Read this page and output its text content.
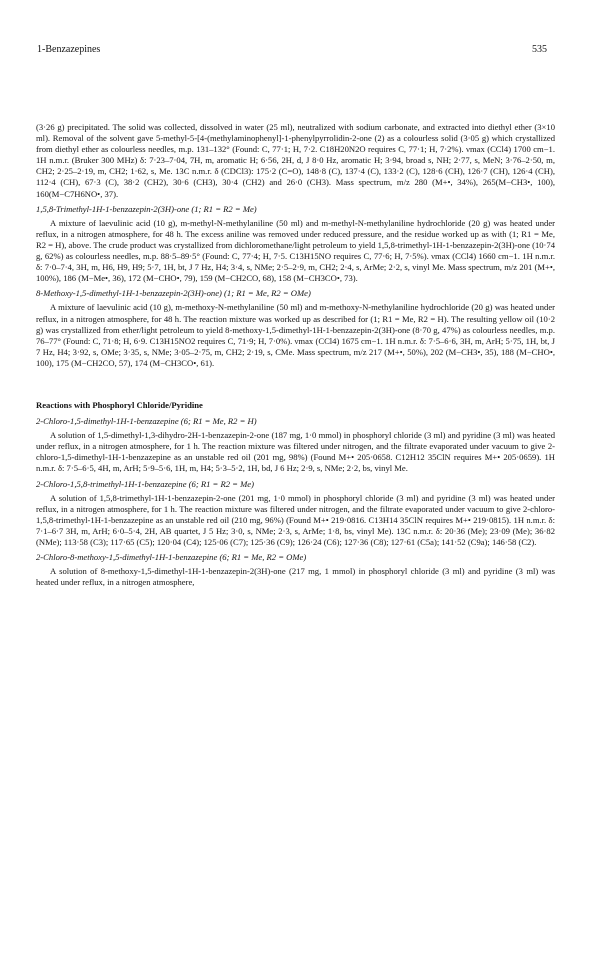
1-Benzazepines	535

(3·26 g) precipitated. The solid was collected, dissolved in water (25 ml), neutralized with sodium carbonate, and extracted into diethyl ether (3×10 ml). Removal of the solvent gave 5-methyl-5-[4-(methylaminophenyl]-1-phenylpyrrolidin-2-one (2) as a colourless solid (3·05 g) which crystallized from diethyl ether as colourless needles, m.p. 131–132° (Found: C, 77·1; H, 7·2. C18H20N2O requires C, 77·1; H, 7·2%). νmax (CCl4) 1700 cm−1. 1H n.m.r. (Bruker 300 MHz) δ: 7·23–7·04, 7H, m, aromatic H; 6·56, 2H, d, J 8·0 Hz, aromatic H; 3·94, broad s, NH; 2·77, s, MeN; 3·76–2·50, m, CH2; 2·25–2·19, m, CH2; 1·62, s, Me. 13C n.m.r. δ (CDCl3): 175·2 (C=O), 148·8 (C), 137·4 (C), 133·2 (C), 128·6 (CH), 126·7 (CH), 126·4 (CH), 112·4 (CH), 67·3 (C), 38·2 (CH2), 30·6 (CH3), 30·4 (CH2) and 26·0 (CH3). Mass spectrum, m/z 280 (M+•, 34%), 265(M−CH3•, 100), 160(M−C7H6NO•, 37).

1,5,8-Trimethyl-1H-1-benzazepin-2(3H)-one (1; R1 = R2 = Me)

A mixture of laevulinic acid (10 g), m-methyl-N-methylaniline (50 ml) and m-methyl-N-methylaniline hydrochloride (20 g) was heated under reflux, in a nitrogen atmosphere, for 48 h. The excess aniline was removed under reduced pressure, and the residue worked up as with (1; R1 = Me, R2 = H), above. The crude product was crystallized from dichloromethane/light petroleum to yield 1,5,8-trimethyl-1H-1-benzazepin-2(3H)-one (10·74 g, 62%) as colourless needles, m.p. 88·5–89·5° (Found: C, 77·4; H, 7·5. C13H15NO requires C, 77·6; H, 7·5%). νmax (CCl4) 1660 cm−1. 1H n.m.r. δ: 7·0–7·4, 3H, m, H6, H9, H9; 5·7, 1H, bt, J 7 Hz, H4; 3·4, s, NMe; 2·5–2·9, m, CH2; 2·4, s, ArMe; 2·2, s, vinyl Me. Mass spectrum, m/z 201 (M+•, 100%), 186 (M−Me•, 36), 172 (M−CHO•, 79), 159 (M−CH2CO, 68), 158 (M−CH3CO•, 73).

8-Methoxy-1,5-dimethyl-1H-1-benzazepin-2(3H)-one) (1; R1 = Me, R2 = OMe)

A mixture of laevulinic acid (10 g), m-methoxy-N-methylaniline (50 ml) and m-methoxy-N-methylaniline hydrochloride (20 g) was heated under reflux, in a nitrogen atmosphere, for 48 h. The reaction mixture was worked up as described for (1; R1 = Me, R2 = H). The resulting yellow oil (10·2 g) was crystallized from ether/light petroleum to yield 8-methoxy-1,5-dimethyl-1H-1-benzazepin-2(3H)-one (8·70 g, 47%) as colourless needles, m.p. 76–77° (Found: C, 71·8; H, 6·9. C13H15NO2 requires C, 71·9; H, 7·0%). νmax (CCl4) 1675 cm−1. 1H n.m.r. δ: 7·5–6·6, 3H, m, ArH; 5·75, 1H, bt, J 7 Hz, H4; 3·92, s, OMe; 3·35, s, NMe; 3·05–2·75, m, CH2; 2·19, s, CMe. Mass spectrum, m/z 217 (M+•, 50%), 202 (M−CH3•, 35), 188 (M−CHO•, 100), 175 (M−CH2CO, 57), 174 (M−CH3CO•, 61).

Reactions with Phosphoryl Chloride/Pyridine
2-Chloro-1,5-dimethyl-1H-1-benzazepine (6; R1 = Me, R2 = H)

A solution of 1,5-dimethyl-1,3-dihydro-2H-1-benzazepin-2-one (187 mg, 1·0 mmol) in phosphoryl chloride (3 ml) and pyridine (3 ml) was heated under reflux, in a nitrogen atmosphere, for 1 h. The reaction mixture was filtered under nitrogen, and the filtrate evaporated under vacuum to give 2-chloro-1,5-dimethyl-1H-1-benzazepine as an unstable red oil (201 mg, 98%) (Found M+• 205·0658. C12H12 35ClN requires M+• 205·0659). 1H n.m.r. δ: 7·5–6·5, 4H, m, ArH; 5·9–5·6, 1H, m, H4; 5·3–5·2, 1H, bd, J 6 Hz; 2·9, s, NMe; 2·2, bs, vinyl Me.

2-Chloro-1,5,8-trimethyl-1H-1-benzazepine (6; R1 = R2 = Me)

A solution of 1,5,8-trimethyl-1H-1-benzazepin-2-one (201 mg, 1·0 mmol) in phosphoryl chloride (3 ml) and pyridine (3 ml) was heated under reflux, in a nitrogen atmosphere, for 1 h. The reaction mixture was filtered under nitrogen, and the filtrate evaporated under vacuum to give 2-chloro-1,5,8-trimethyl-1H-1-benzazepine as an unstable red oil (210 mg, 96%) (Found M+• 219·0816. C13H14 35ClN requires M+• 219·0815). 1H n.m.r. δ: 7·1–6·7 3H, m, ArH; 6·0–5·4, 2H, AB quartet, J 5 Hz; 3·0, s, NMe; 2·3, s, ArMe; 1·8, bs, vinyl Me). 13C n.m.r. δ: 20·36 (Me); 23·09 (Me); 36·82 (NMe); 113·58 (C3); 117·65 (C5); 120·04 (C4); 125·06 (C7); 125·36 (C9); 126·24 (C6); 127·36 (C8); 127·61 (C5a); 141·52 (C9a); 146·58 (C2).

2-Chloro-8-methoxy-1,5-dimethyl-1H-1-benzazepine (6; R1 = Me, R2 = OMe)

A solution of 8-methoxy-1,5-dimethyl-1H-1-benzazepin-2(3H)-one (217 mg, 1 mmol) in phosphoryl chloride (3 ml) and pyridine (3 ml) was heated under reflux, in a nitrogen atmosphere,
